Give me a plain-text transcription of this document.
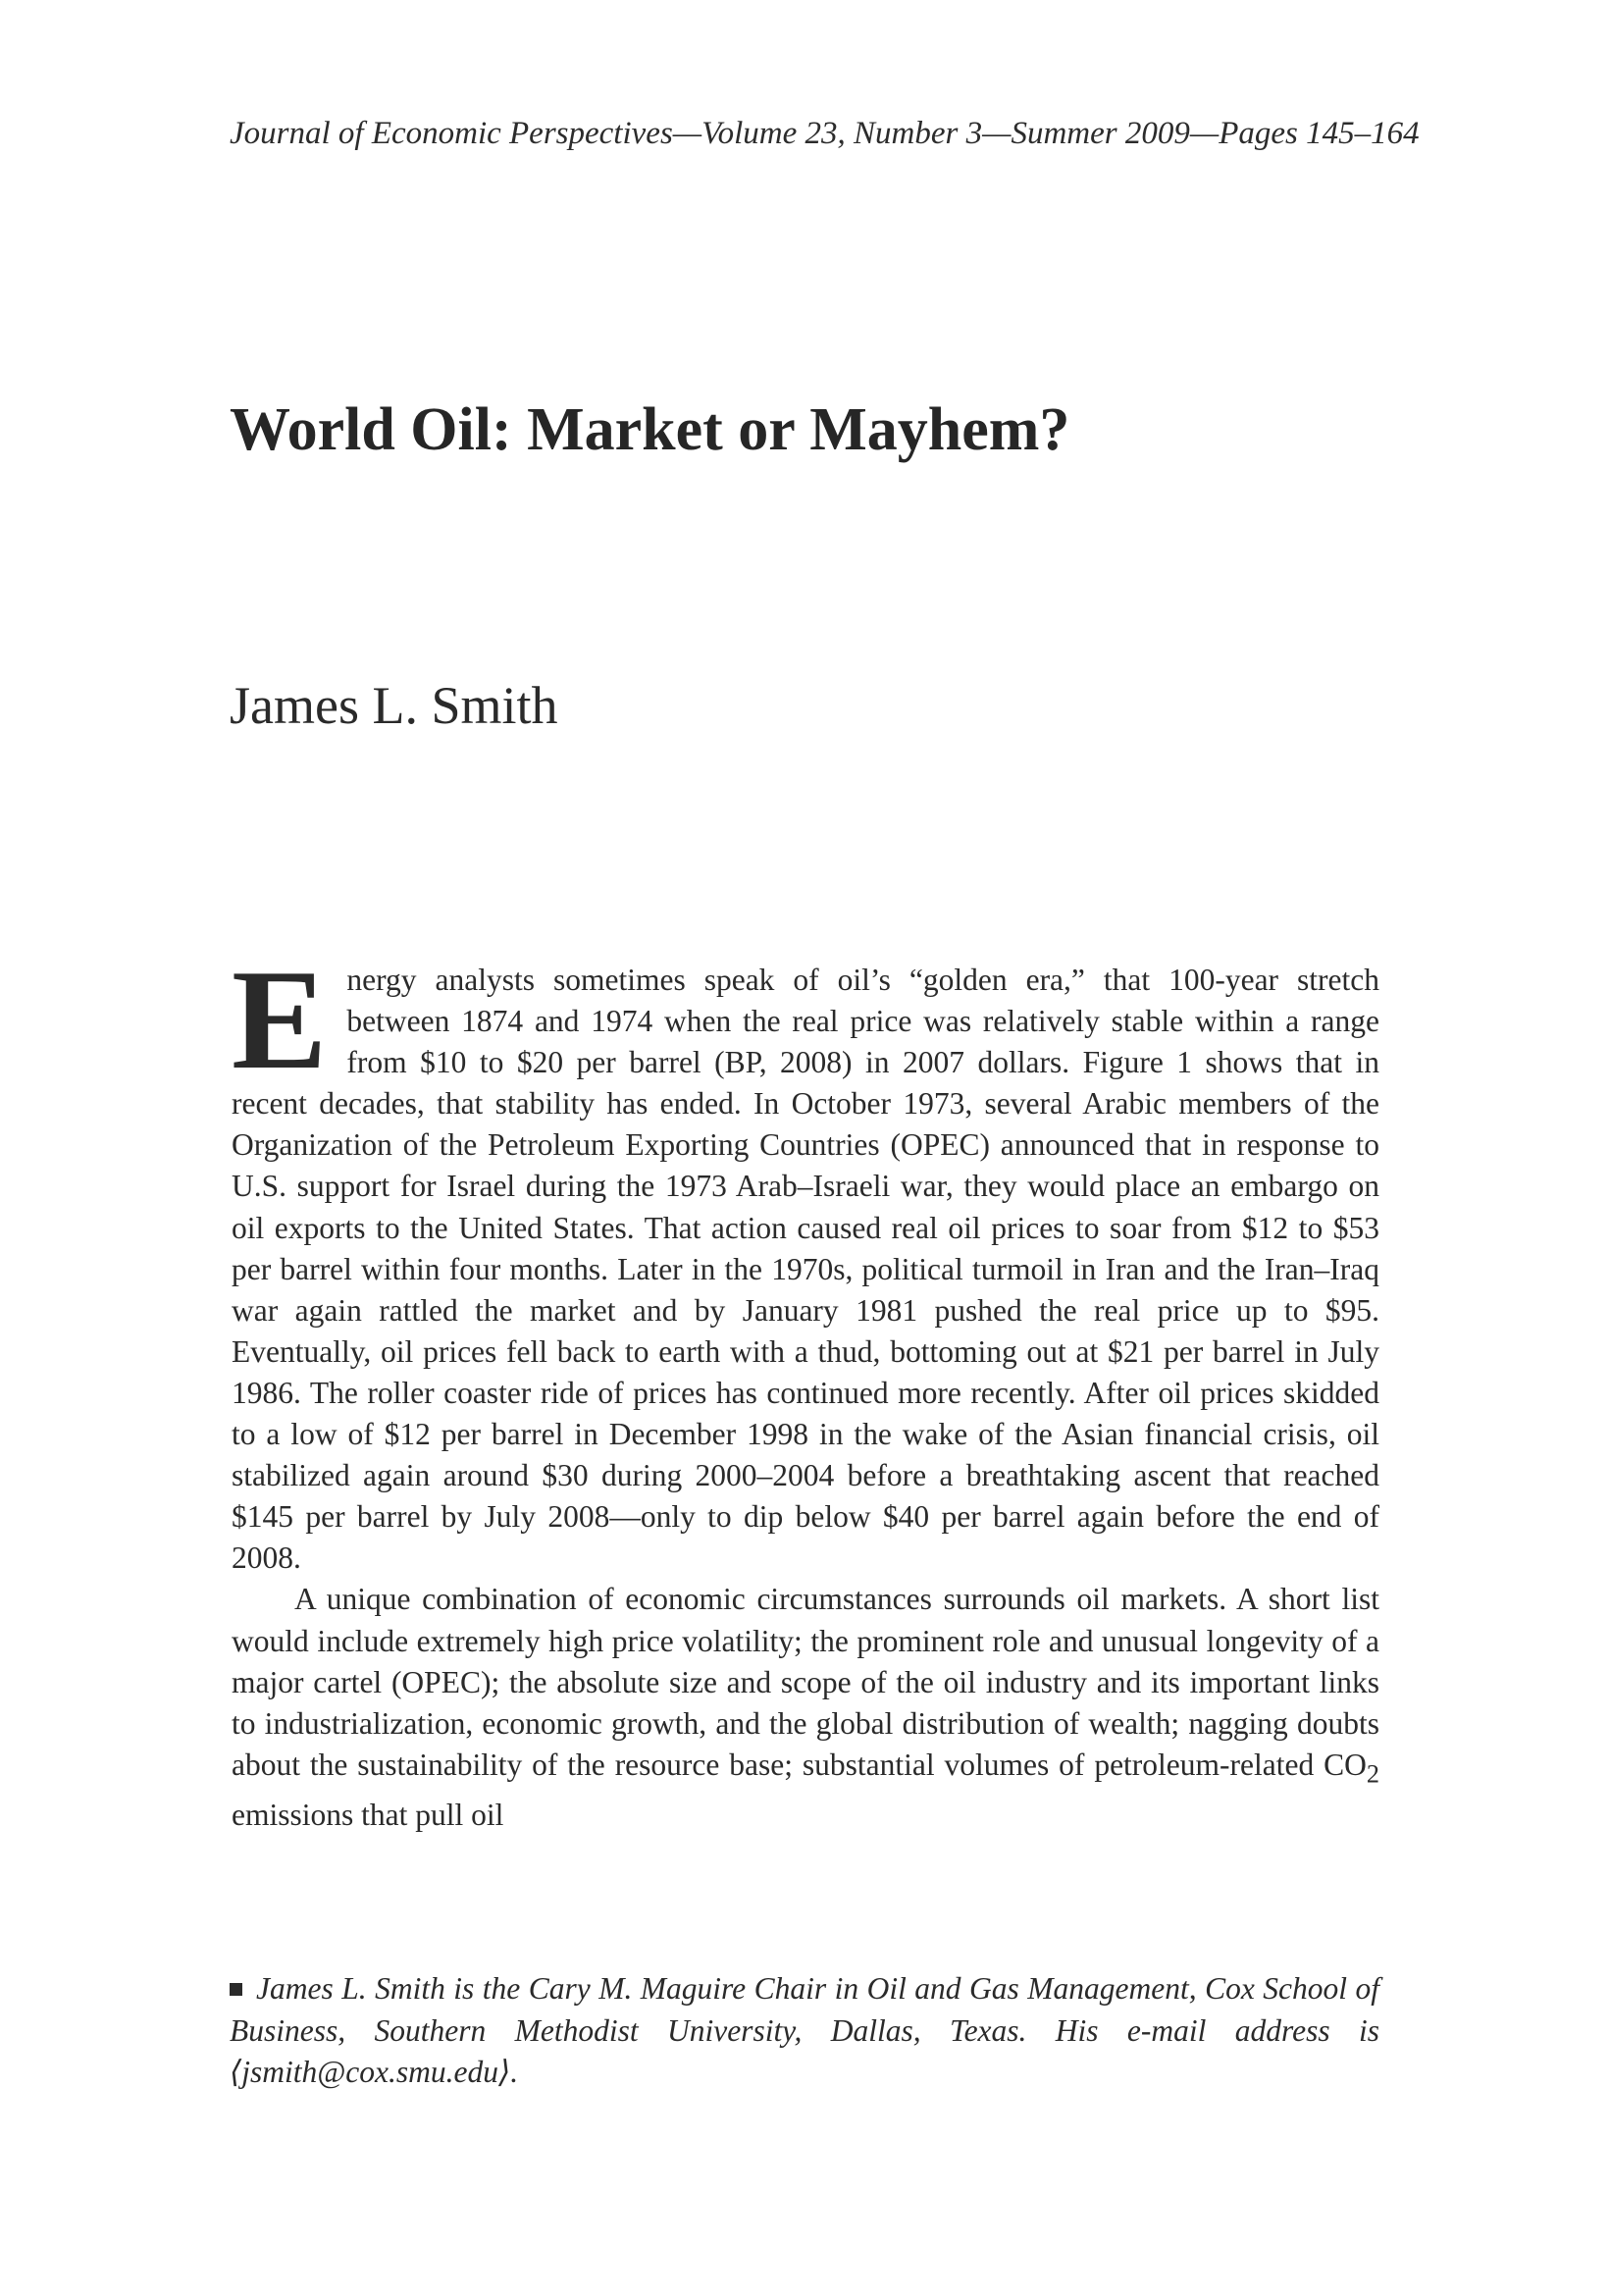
Journal of Economic Perspectives—Volume 23, Number 3—Summer 2009—Pages 145–164
World Oil: Market or Mayhem?
James L. Smith

Energy analysts sometimes speak of oil’s “golden era,” that 100-year stretch between 1874 and 1974 when the real price was relatively stable within a range from $10 to $20 per barrel (BP, 2008) in 2007 dollars. Figure 1 shows that in recent decades, that stability has ended. In October 1973, several Arabic members of the Organization of the Petroleum Exporting Countries (OPEC) announced that in response to U.S. support for Israel during the 1973 Arab–Israeli war, they would place an embargo on oil exports to the United States. That action caused real oil prices to soar from $12 to $53 per barrel within four months. Later in the 1970s, political turmoil in Iran and the Iran–Iraq war again rattled the market and by January 1981 pushed the real price up to $95. Eventually, oil prices fell back to earth with a thud, bottoming out at $21 per barrel in July 1986. The roller coaster ride of prices has continued more recently. After oil prices skidded to a low of $12 per barrel in December 1998 in the wake of the Asian financial crisis, oil stabilized again around $30 during 2000–2004 before a breathtaking ascent that reached $145 per barrel by July 2008—only to dip below $40 per barrel again before the end of 2008.

A unique combination of economic circumstances surrounds oil markets. A short list would include extremely high price volatility; the prominent role and unusual longevity of a major cartel (OPEC); the absolute size and scope of the oil industry and its important links to industrialization, economic growth, and the global distribution of wealth; nagging doubts about the sustainability of the resource base; substantial volumes of petroleum-related $CO_2$ emissions that pull oil

James L. Smith is the Cary M. Maguire Chair in Oil and Gas Management, Cox School of Business, Southern Methodist University, Dallas, Texas. His e-mail address is ⟨jsmith@cox.smu.edu⟩.
